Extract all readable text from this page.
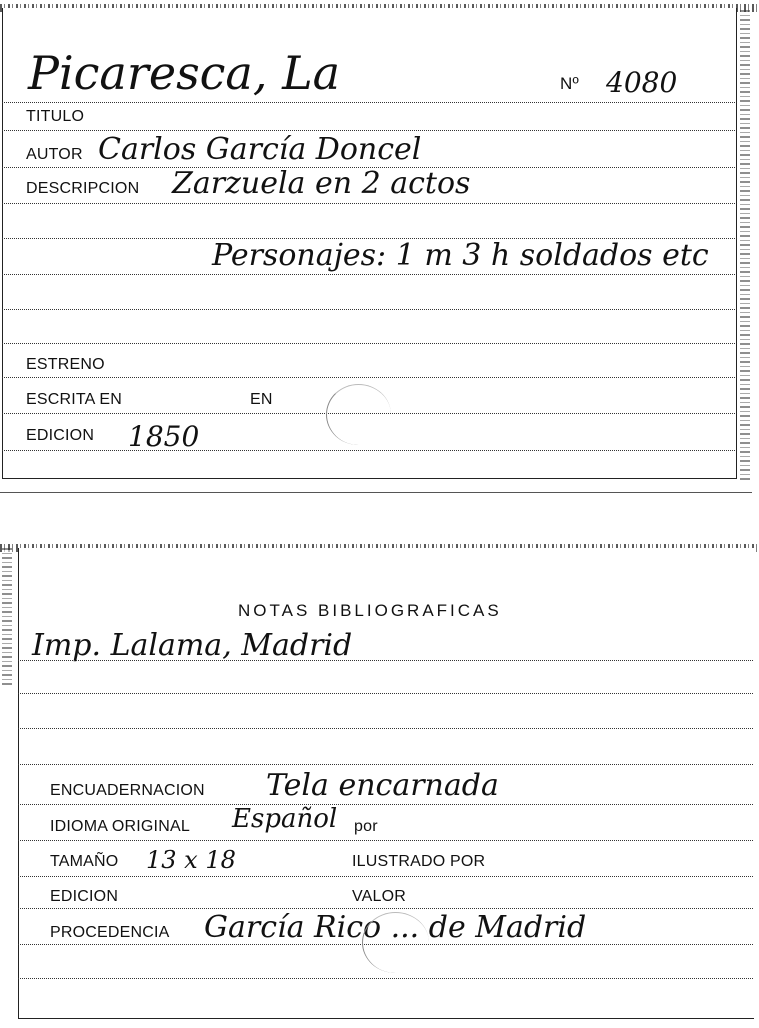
Picaresca, La	Nº 4080
TITULO
AUTOR Carlos García Doncel
DESCRIPCION Zarzuela en 2 actos
Personajes: 1 m 3 h soldados etc
ESTRENO
ESCRITA EN	EN
EDICION 1850
NOTAS BIBLIOGRAFICAS
Imp. Lalama, Madrid
ENCUADERNACION Tela encarnada
IDIOMA ORIGINAL Español por
TAMAÑO 13 x 18	ILUSTRADO POR
EDICION	VALOR
PROCEDENCIA García Rico ... de Madrid
